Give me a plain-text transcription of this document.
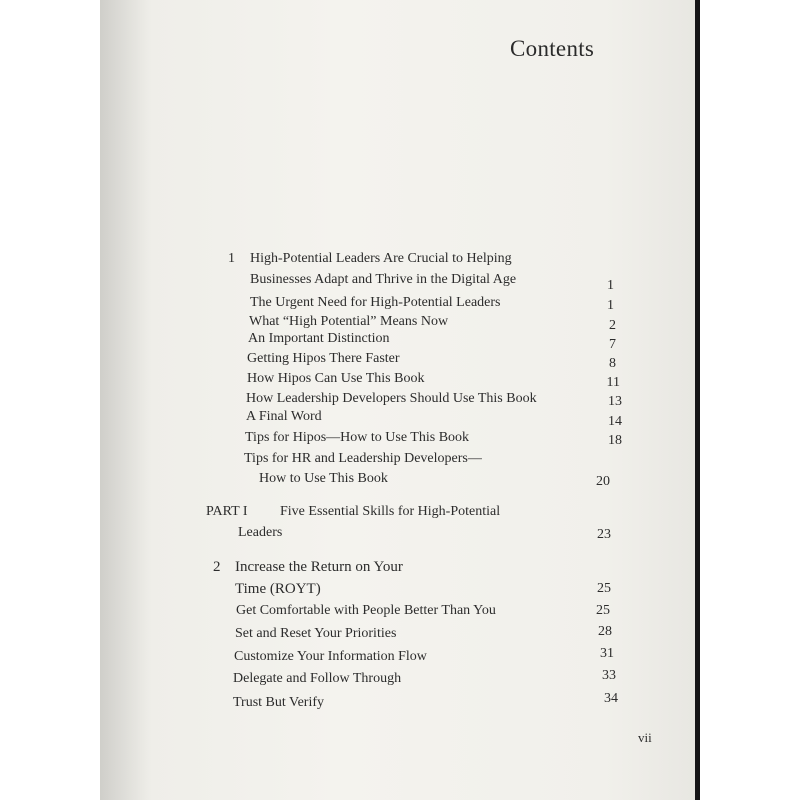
Contents
1 High-Potential Leaders Are Crucial to Helping
Businesses Adapt and Thrive in the Digital Age	1
The Urgent Need for High-Potential Leaders	1
What “High Potential” Means Now	2
An Important Distinction	7
Getting Hipos There Faster	8
How Hipos Can Use This Book	11
How Leadership Developers Should Use This Book	13
A Final Word	14
Tips for Hipos—How to Use This Book	18
Tips for HR and Leadership Developers—
How to Use This Book	20
PART I Five Essential Skills for High-Potential
Leaders	23
2 Increase the Return on Your
Time (ROYT)	25
Get Comfortable with People Better Than You	25
Set and Reset Your Priorities	28
Customize Your Information Flow	31
Delegate and Follow Through	33
Trust But Verify	34
vii
